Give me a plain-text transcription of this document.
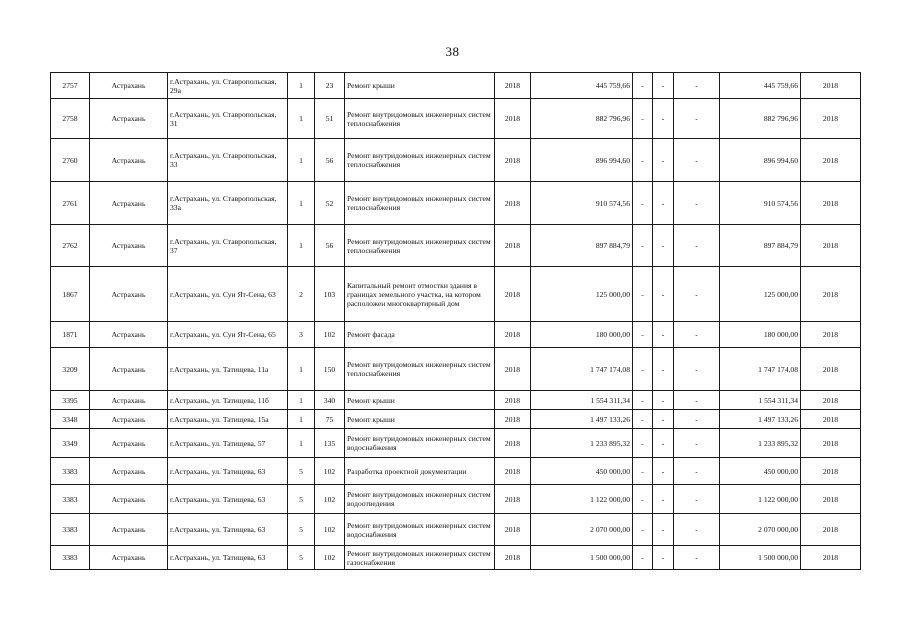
38
2757	Астрахань	г.Астрахань, ул. Ставропольская, 29а	1	23	Ремонт крыши	2018	445 759,66	-	-	-	445 759,66	2018
2758	Астрахань	г.Астрахань, ул. Ставропольская, 31	1	51	Ремонт внутридомовых инженерных систем теплоснабжения	2018	882 796,96	-	-	-	882 796,96	2018
2760	Астрахань	г.Астрахань, ул. Ставропольская, 33	1	56	Ремонт внутридомовых инженерных систем теплоснабжения	2018	896 994,60	-	-	-	896 994,60	2018
2761	Астрахань	г.Астрахань, ул. Ставропольская, 33а	1	52	Ремонт внутридомовых инженерных систем теплоснабжения	2018	910 574,56	-	-	-	910 574,56	2018
2762	Астрахань	г.Астрахань, ул. Ставропольская, 37	1	56	Ремонт внутридомовых инженерных систем теплоснабжения	2018	897 884,79	-	-	-	897 884,79	2018
1867	Астрахань	г.Астрахань, ул. Сун Ят-Сена, 63	2	103	Капитальный ремонт отмостки здания в границах земельного участка, на котором расположен многоквартирный дом	2018	125 000,00	-	-	-	125 000,00	2018
1871	Астрахань	г.Астрахань, ул. Сун Ят-Сена, 65	3	102	Ремонт фасада	2018	180 000,00	-	-	-	180 000,00	2018
3209	Астрахань	г.Астрахань, ул. Татищева, 11а	1	150	Ремонт внутридомовых инженерных систем теплоснабжения	2018	1 747 174,08	-	-	-	1 747 174,08	2018
3395	Астрахань	г.Астрахань, ул. Татищева, 11б	1	340	Ремонт крыши	2018	1 554 311,34	-	-	-	1 554 311,34	2018
3348	Астрахань	г.Астрахань, ул. Татищева, 15а	1	75	Ремонт крыши	2018	1 497 133,26	-	-	-	1 497 133,26	2018
3349	Астрахань	г.Астрахань, ул. Татищева, 57	1	135	Ремонт внутридомовых инженерных систем водоснабжения	2018	1 233 895,32	-	-	-	1 233 895,32	2018
3383	Астрахань	г.Астрахань, ул. Татищева, 63	5	102	Разработка проектной документации	2018	450 000,00	-	-	-	450 000,00	2018
3383	Астрахань	г.Астрахань, ул. Татищева, 63	5	102	Ремонт внутридомовых инженерных систем водоотведения	2018	1 122 000,00	-	-	-	1 122 000,00	2018
3383	Астрахань	г.Астрахань, ул. Татищева, 63	5	102	Ремонт внутридомовых инженерных систем водоснабжения	2018	2 070 000,00	-	-	-	2 070 000,00	2018
3383	Астрахань	г.Астрахань, ул. Татищева, 63	5	102	Ремонт внутридомовых инженерных систем газоснабжения	2018	1 500 000,00	-	-	-	1 500 000,00	2018
